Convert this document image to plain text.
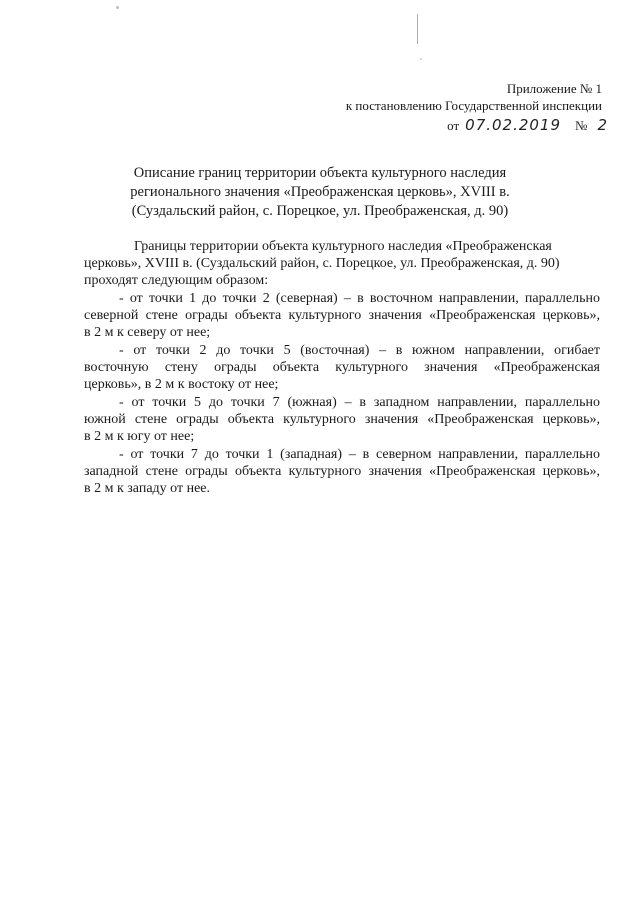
Приложение № 1
к постановлению Государственной инспекции
от 07.02.2019 № 2
Описание границ территории объекта культурного наследия
регионального значения «Преображенская церковь», XVIII в.
(Суздальский район, с. Порецкое, ул. Преображенская, д. 90)
Границы территории объекта культурного наследия «Преображенская
церковь», XVIII в. (Суздальский район, с. Порецкое, ул. Преображенская, д. 90)
проходят следующим образом:
- от точки 1 до точки 2 (северная) – в восточном направлении, параллельно
северной стене ограды объекта культурного значения «Преображенская церковь»,
в 2 м к северу от нее;
- от точки 2 до точки 5 (восточная) – в южном направлении, огибает
восточную стену ограды объекта культурного значения «Преображенская
церковь», в 2 м к востоку от нее;
- от точки 5 до точки 7 (южная) – в западном направлении, параллельно
южной стене ограды объекта культурного значения «Преображенская церковь»,
в 2 м к югу от нее;
- от точки 7 до точки 1 (западная) – в северном направлении, параллельно
западной стене ограды объекта культурного значения «Преображенская церковь»,
в 2 м к западу от нее.
